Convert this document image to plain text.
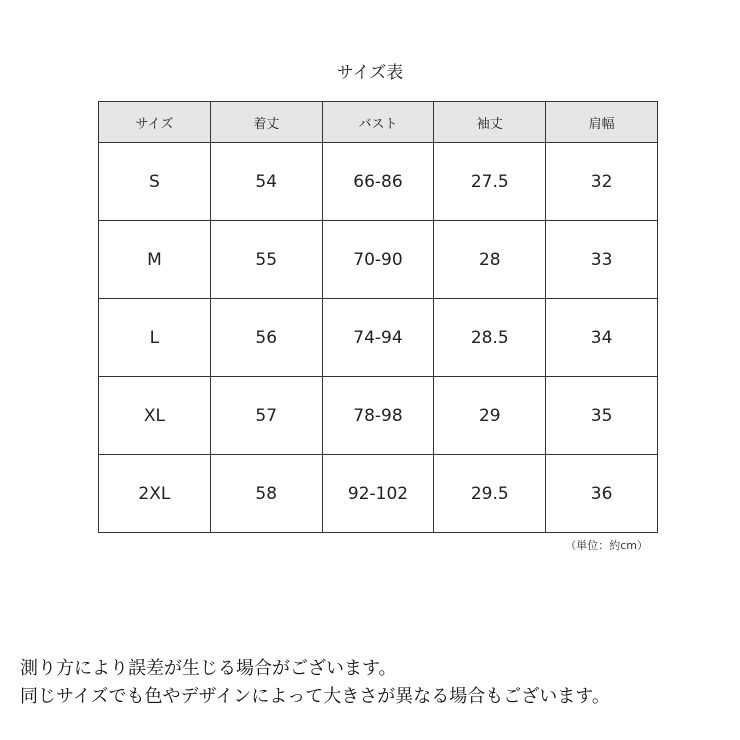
サイズ表
サイズ	着丈	バスト	袖丈	肩幅
S	54	66-86	27.5	32
M	55	70-90	28	33
L	56	74-94	28.5	34
XL	57	78-98	29	35
2XL	58	92-102	29.5	36
（単位：約cm）
測り方により誤差が生じる場合がございます。
同じサイズでも色やデザインによって大きさが異なる場合もございます。
